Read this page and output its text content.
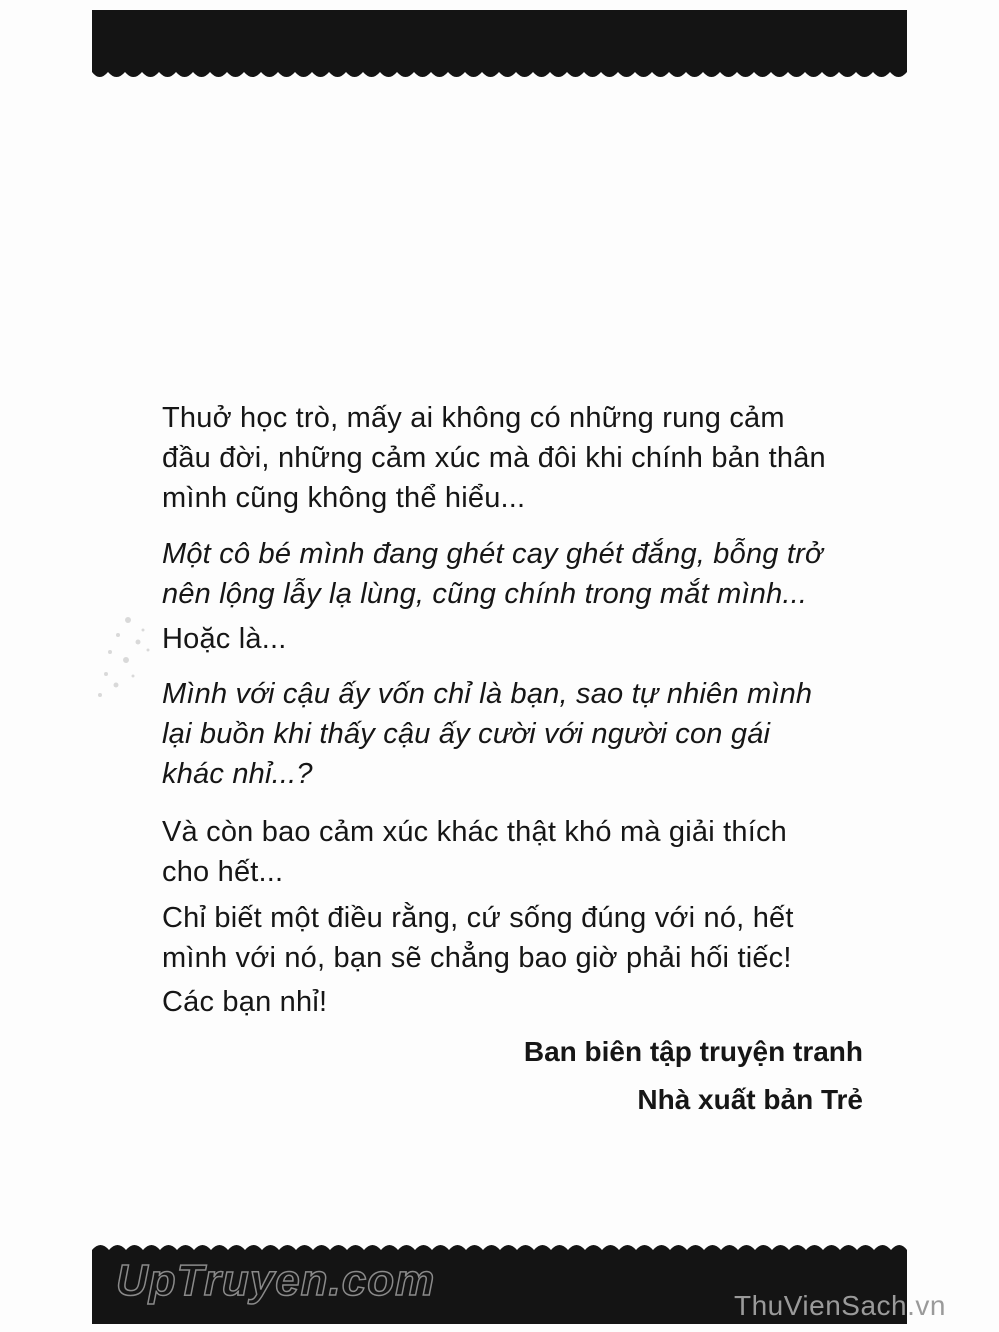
Thuở học trò, mấy ai không có những rung cảm
đầu đời, những cảm xúc mà đôi khi chính bản thân
mình cũng không thể hiểu...

Một cô bé mình đang ghét cay ghét đắng, bỗng trở
nên lộng lẫy lạ lùng, cũng chính trong mắt mình...

Hoặc là...

Mình với cậu ấy vốn chỉ là bạn, sao tự nhiên mình
lại buồn khi thấy cậu ấy cười với người con gái
khác nhỉ...?

Và còn bao cảm xúc khác thật khó mà giải thích
cho hết...

Chỉ biết một điều rằng, cứ sống đúng với nó, hết
mình với nó, bạn sẽ chẳng bao giờ phải hối tiếc!

Các bạn nhỉ!

Ban biên tập truyện tranh

Nhà xuất bản Trẻ

UpTruyen.com
ThuVienSach.vn
